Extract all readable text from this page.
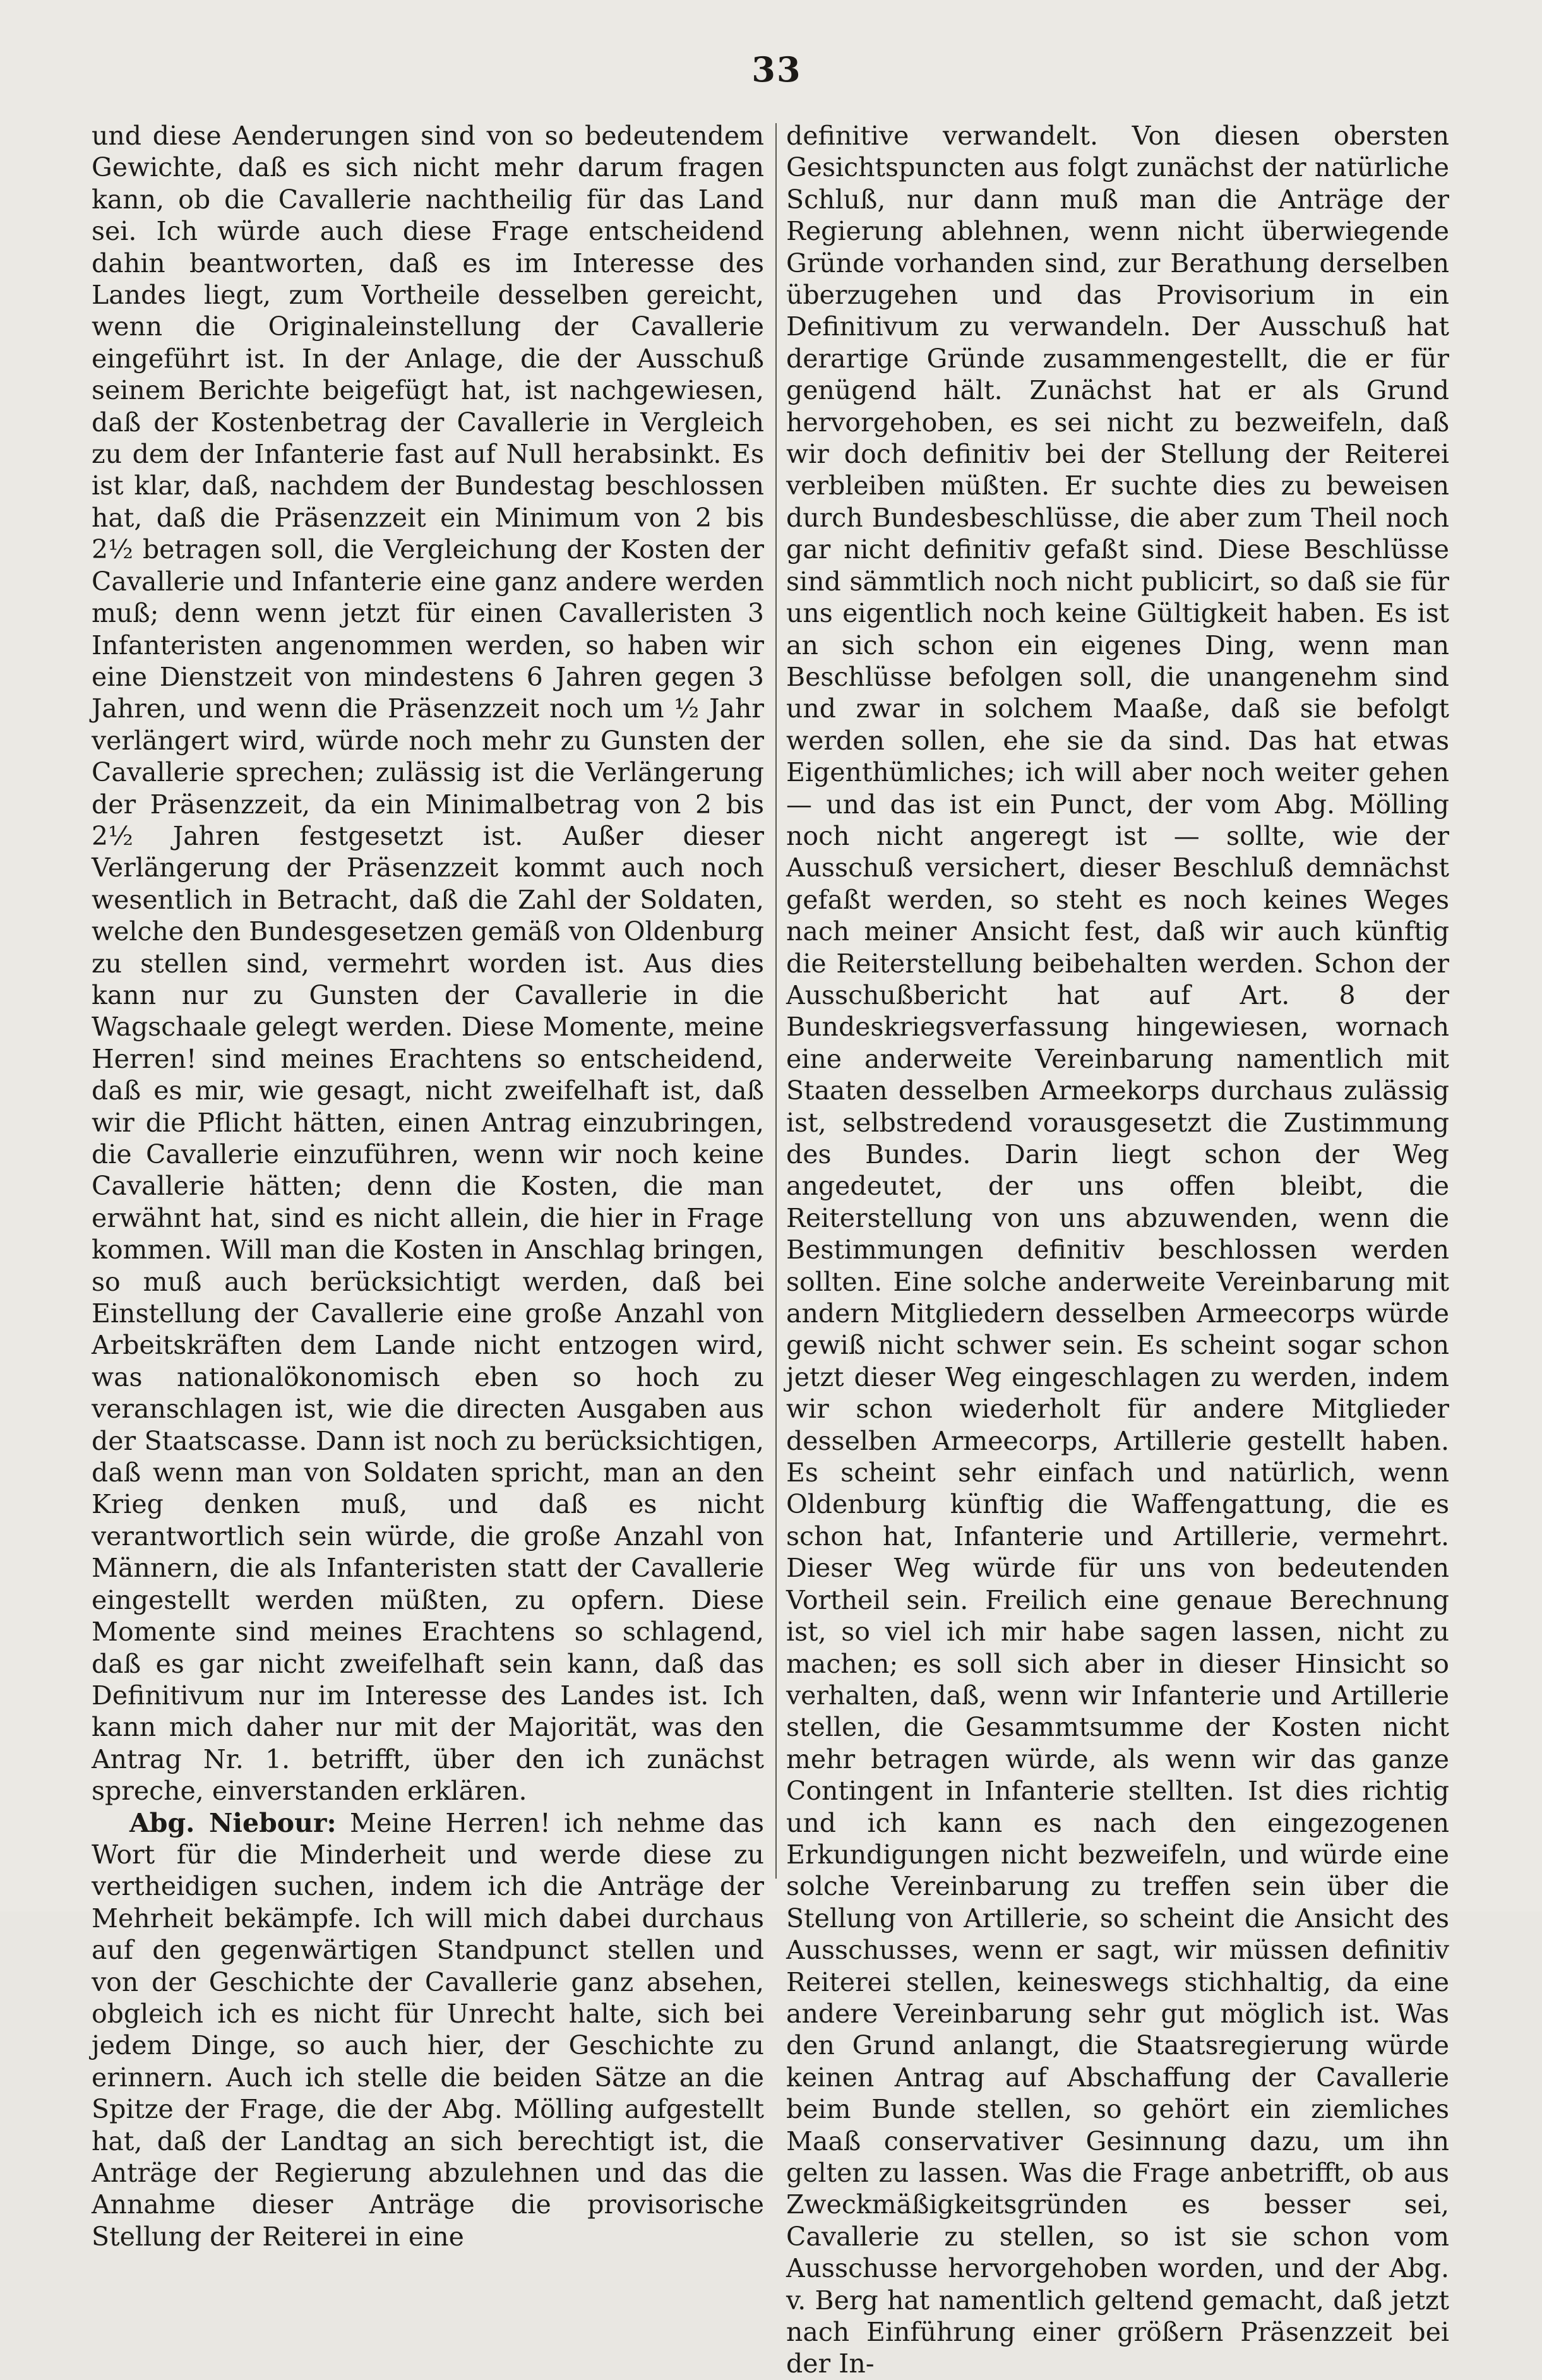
33

und diese Aenderungen sind von so bedeutendem Gewichte, daß es sich nicht mehr darum fragen kann, ob die Cavallerie nachtheilig für das Land sei. Ich würde auch diese Frage entscheidend dahin beantworten, daß es im Interesse des Landes liegt, zum Vortheile desselben gereicht, wenn die Originaleinstellung der Cavallerie eingeführt ist. In der Anlage, die der Ausschuß seinem Berichte beigefügt hat, ist nachgewiesen, daß der Kostenbetrag der Cavallerie in Vergleich zu dem der Infanterie fast auf Null herabsinkt. Es ist klar, daß, nachdem der Bundestag beschlossen hat, daß die Präsenzzeit ein Minimum von 2 bis 2½ betragen soll, die Vergleichung der Kosten der Cavallerie und Infanterie eine ganz andere werden muß; denn wenn jetzt für einen Cavalleristen 3 Infanteristen angenommen werden, so haben wir eine Dienstzeit von mindestens 6 Jahren gegen 3 Jahren, und wenn die Präsenzzeit noch um ½ Jahr verlängert wird, würde noch mehr zu Gunsten der Cavallerie sprechen; zulässig ist die Verlängerung der Präsenzzeit, da ein Minimalbetrag von 2 bis 2½ Jahren festgesetzt ist. Außer dieser Verlängerung der Präsenzzeit kommt auch noch wesentlich in Betracht, daß die Zahl der Soldaten, welche den Bundesgesetzen gemäß von Oldenburg zu stellen sind, vermehrt worden ist. Aus dies kann nur zu Gunsten der Cavallerie in die Wagschaale gelegt werden. Diese Momente, meine Herren! sind meines Erachtens so entscheidend, daß es mir, wie gesagt, nicht zweifelhaft ist, daß wir die Pflicht hätten, einen Antrag einzubringen, die Cavallerie einzuführen, wenn wir noch keine Cavallerie hätten; denn die Kosten, die man erwähnt hat, sind es nicht allein, die hier in Frage kommen. Will man die Kosten in Anschlag bringen, so muß auch berücksichtigt werden, daß bei Einstellung der Cavallerie eine große Anzahl von Arbeitskräften dem Lande nicht entzogen wird, was nationalökonomisch eben so hoch zu veranschlagen ist, wie die directen Ausgaben aus der Staatscasse. Dann ist noch zu berücksichtigen, daß wenn man von Soldaten spricht, man an den Krieg denken muß, und daß es nicht verantwortlich sein würde, die große Anzahl von Männern, die als Infanteristen statt der Cavallerie eingestellt werden müßten, zu opfern. Diese Momente sind meines Erachtens so schlagend, daß es gar nicht zweifelhaft sein kann, daß das Definitivum nur im Interesse des Landes ist. Ich kann mich daher nur mit der Majorität, was den Antrag Nr. 1. betrifft, über den ich zunächst spreche, einverstanden erklären.

Abg. Niebour: Meine Herren! ich nehme das Wort für die Minderheit und werde diese zu vertheidigen suchen, indem ich die Anträge der Mehrheit bekämpfe. Ich will mich dabei durchaus auf den gegenwärtigen Standpunct stellen und von der Geschichte der Cavallerie ganz absehen, obgleich ich es nicht für Unrecht halte, sich bei jedem Dinge, so auch hier, der Geschichte zu erinnern. Auch ich stelle die beiden Sätze an die Spitze der Frage, die der Abg. Mölling aufgestellt hat, daß der Landtag an sich berechtigt ist, die Anträge der Regierung abzulehnen und das die Annahme dieser Anträge die provisorische Stellung der Reiterei in eine

definitive verwandelt. Von diesen obersten Gesichtspuncten aus folgt zunächst der natürliche Schluß, nur dann muß man die Anträge der Regierung ablehnen, wenn nicht überwiegende Gründe vorhanden sind, zur Berathung derselben überzugehen und das Provisorium in ein Definitivum zu verwandeln. Der Ausschuß hat derartige Gründe zusammengestellt, die er für genügend hält. Zunächst hat er als Grund hervorgehoben, es sei nicht zu bezweifeln, daß wir doch definitiv bei der Stellung der Reiterei verbleiben müßten. Er suchte dies zu beweisen durch Bundesbeschlüsse, die aber zum Theil noch gar nicht definitiv gefaßt sind. Diese Beschlüsse sind sämmtlich noch nicht publicirt, so daß sie für uns eigentlich noch keine Gültigkeit haben. Es ist an sich schon ein eigenes Ding, wenn man Beschlüsse befolgen soll, die unangenehm sind und zwar in solchem Maaße, daß sie befolgt werden sollen, ehe sie da sind. Das hat etwas Eigenthümliches; ich will aber noch weiter gehen — und das ist ein Punct, der vom Abg. Mölling noch nicht angeregt ist — sollte, wie der Ausschuß versichert, dieser Beschluß demnächst gefaßt werden, so steht es noch keines Weges nach meiner Ansicht fest, daß wir auch künftig die Reiterstellung beibehalten werden. Schon der Ausschußbericht hat auf Art. 8 der Bundeskriegsverfassung hingewiesen, wornach eine anderweite Vereinbarung namentlich mit Staaten desselben Armeekorps durchaus zulässig ist, selbstredend vorausgesetzt die Zustimmung des Bundes. Darin liegt schon der Weg angedeutet, der uns offen bleibt, die Reiterstellung von uns abzuwenden, wenn die Bestimmungen definitiv beschlossen werden sollten. Eine solche anderweite Vereinbarung mit andern Mitgliedern desselben Armeecorps würde gewiß nicht schwer sein. Es scheint sogar schon jetzt dieser Weg eingeschlagen zu werden, indem wir schon wiederholt für andere Mitglieder desselben Armeecorps, Artillerie gestellt haben. Es scheint sehr einfach und natürlich, wenn Oldenburg künftig die Waffengattung, die es schon hat, Infanterie und Artillerie, vermehrt. Dieser Weg würde für uns von bedeutenden Vortheil sein. Freilich eine genaue Berechnung ist, so viel ich mir habe sagen lassen, nicht zu machen; es soll sich aber in dieser Hinsicht so verhalten, daß, wenn wir Infanterie und Artillerie stellen, die Gesammtsumme der Kosten nicht mehr betragen würde, als wenn wir das ganze Contingent in Infanterie stellten. Ist dies richtig und ich kann es nach den eingezogenen Erkundigungen nicht bezweifeln, und würde eine solche Vereinbarung zu treffen sein über die Stellung von Artillerie, so scheint die Ansicht des Ausschusses, wenn er sagt, wir müssen definitiv Reiterei stellen, keineswegs stichhaltig, da eine andere Vereinbarung sehr gut möglich ist. Was den Grund anlangt, die Staatsregierung würde keinen Antrag auf Abschaffung der Cavallerie beim Bunde stellen, so gehört ein ziemliches Maaß conservativer Gesinnung dazu, um ihn gelten zu lassen. Was die Frage anbetrifft, ob aus Zweckmäßigkeitsgründen es besser sei, Cavallerie zu stellen, so ist sie schon vom Ausschusse hervorgehoben worden, und der Abg. v. Berg hat namentlich geltend gemacht, daß jetzt nach Einführung einer größern Präsenzzeit bei der In-
